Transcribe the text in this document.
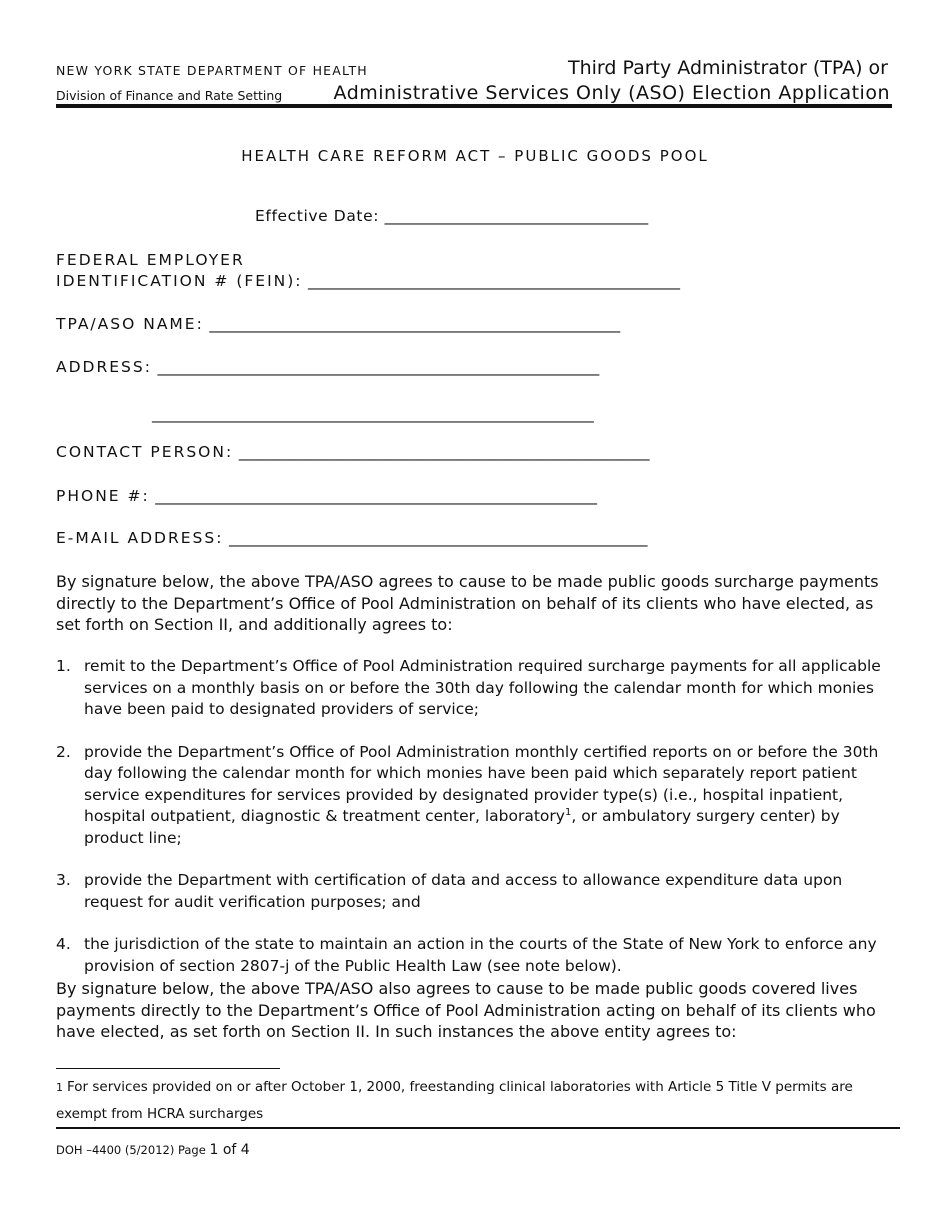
NEW YORK STATE DEPARTMENT OF HEALTH
Division of Finance and Rate Setting
Third Party Administrator (TPA) or
Administrative Services Only (ASO) Election Application
HEALTH CARE REFORM ACT – PUBLIC GOODS POOL
Effective Date: __________________________________
FEDERAL EMPLOYER
IDENTIFICATION # (FEIN): ________________________________________________
TPA/ASO NAME: _____________________________________________________
ADDRESS: _________________________________________________________
_________________________________________________________
CONTACT PERSON: _____________________________________________________
PHONE #: _________________________________________________________
E-MAIL ADDRESS: ______________________________________________________
By signature below, the above TPA/ASO agrees to cause to be made public goods surcharge payments directly to the Department’s Office of Pool Administration on behalf of its clients who have elected, as set forth on Section II, and additionally agrees to:
1. remit to the Department’s Office of Pool Administration required surcharge payments for all applicable services on a monthly basis on or before the 30th day following the calendar month for which monies have been paid to designated providers of service;
2. provide the Department’s Office of Pool Administration monthly certified reports on or before the 30th day following the calendar month for which monies have been paid which separately report patient service expenditures for services provided by designated provider type(s) (i.e., hospital inpatient, hospital outpatient, diagnostic & treatment center, laboratory$^1$, or ambulatory surgery center) by product line;
3. provide the Department with certification of data and access to allowance expenditure data upon request for audit verification purposes; and
4. the jurisdiction of the state to maintain an action in the courts of the State of New York to enforce any provision of section 2807-j of the Public Health Law (see note below).
By signature below, the above TPA/ASO also agrees to cause to be made public goods covered lives payments directly to the Department’s Office of Pool Administration acting on behalf of its clients who have elected, as set forth on Section II. In such instances the above entity agrees to:
1 For services provided on or after October 1, 2000, freestanding clinical laboratories with Article 5 Title V permits are exempt from HCRA surcharges
DOH –4400 (5/2012) Page 1 of 4
